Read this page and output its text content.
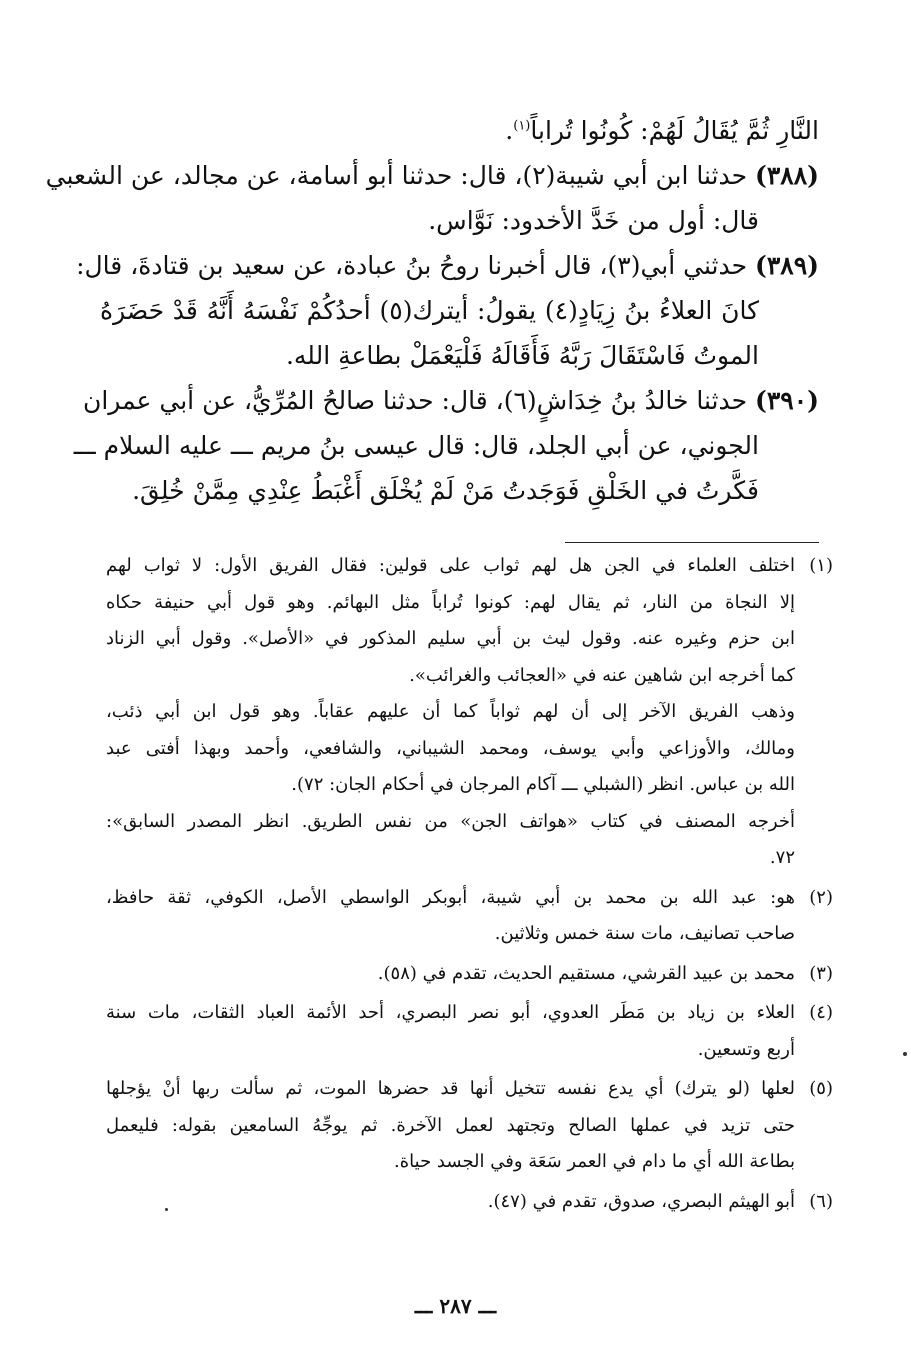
النَّارِ ثُمَّ يُقَالُ لَهُمْ: كُونُوا تُراباً$^{(١)}$.
(٣٨٨) حدثنا ابن أبي شيبة(٢)، قال: حدثنا أبو أسامة، عن مجالد، عن الشعبي
قال: أول من خَدَّ الأخدود: نَوَّاس.
(٣٨٩) حدثني أبي(٣)، قال أخبرنا روحُ بنُ عبادة، عن سعيد بن قتادةَ، قال:
كانَ العلاءُ بنُ زِيَادٍ(٤) يقولُ: أيترك(٥) أحدُكُمْ نَفْسَهُ أَنَّهُ قَدْ حَضَرَهُ
الموتُ فَاسْتَقَالَ رَبَّهُ فَأَقَالَهُ فَلْيَعْمَلْ بطاعةِ الله.
(٣٩٠) حدثنا خالدُ بنُ خِدَاشٍ(٦)، قال: حدثنا صالحُ المُرِّيُّ، عن أبي عمران
الجوني، عن أبي الجلد، قال: قال عيسى بنُ مريم ـــ عليه السلام ـــ
فَكَّرتُ في الخَلْقِ فَوَجَدتُ مَنْ لَمْ يُخْلَق أَغْبَطُ عِنْدِي مِمَّنْ خُلِقَ.
(١)
اختلف العلماء في الجن هل لهم ثواب على قولين: فقال الفريق الأول: لا ثواب لهم
إلا النجاة من النار، ثم يقال لهم: كونوا تُراباً مثل البهائم. وهو قول أبي حنيفة حكاه
ابن حزم وغيره عنه. وقول ليث بن أبي سليم المذكور في «الأصل». وقول أبي الزناد
كما أخرجه ابن شاهين عنه في «العجائب والغرائب».
وذهب الفريق الآخر إلى أن لهم ثواباً كما أن عليهم عقاباً. وهو قول ابن أبي ذئب،
ومالك، والأوزاعي وأبي يوسف، ومحمد الشيباني، والشافعي، وأحمد وبهذا أفتى عبد
الله بن عباس. انظر (الشبلي ـــ آكام المرجان في أحكام الجان: ٧٢).
أخرجه المصنف في كتاب «هواتف الجن» من نفس الطريق. انظر المصدر السابق»:
٧٢.
(٢)
هو: عبد الله بن محمد بن أبي شيبة، أبوبكر الواسطي الأصل، الكوفي، ثقة حافظ،
صاحب تصانيف، مات سنة خمس وثلاثين.
(٣)
محمد بن عبيد القرشي، مستقيم الحديث، تقدم في (٥٨).
(٤)
العلاء بن زياد بن مَطَر العدوي، أبو نصر البصري، أحد الأئمة العباد الثقات، مات سنة
أربع وتسعين.
(٥)
لعلها (لو يترك) أي يدع نفسه تتخيل أنها قد حضرها الموت، ثم سألت ربها أنْ يؤجلها
حتى تزيد في عملها الصالح وتجتهد لعمل الآخرة. ثم يوجِّهُ السامعين بقوله: فليعمل
بطاعة الله أي ما دام في العمر سَعَة وفي الجسد حياة.
(٦)
أبو الهيثم البصري، صدوق، تقدم في (٤٧).
ـــ ٢٨٧ ـــ
